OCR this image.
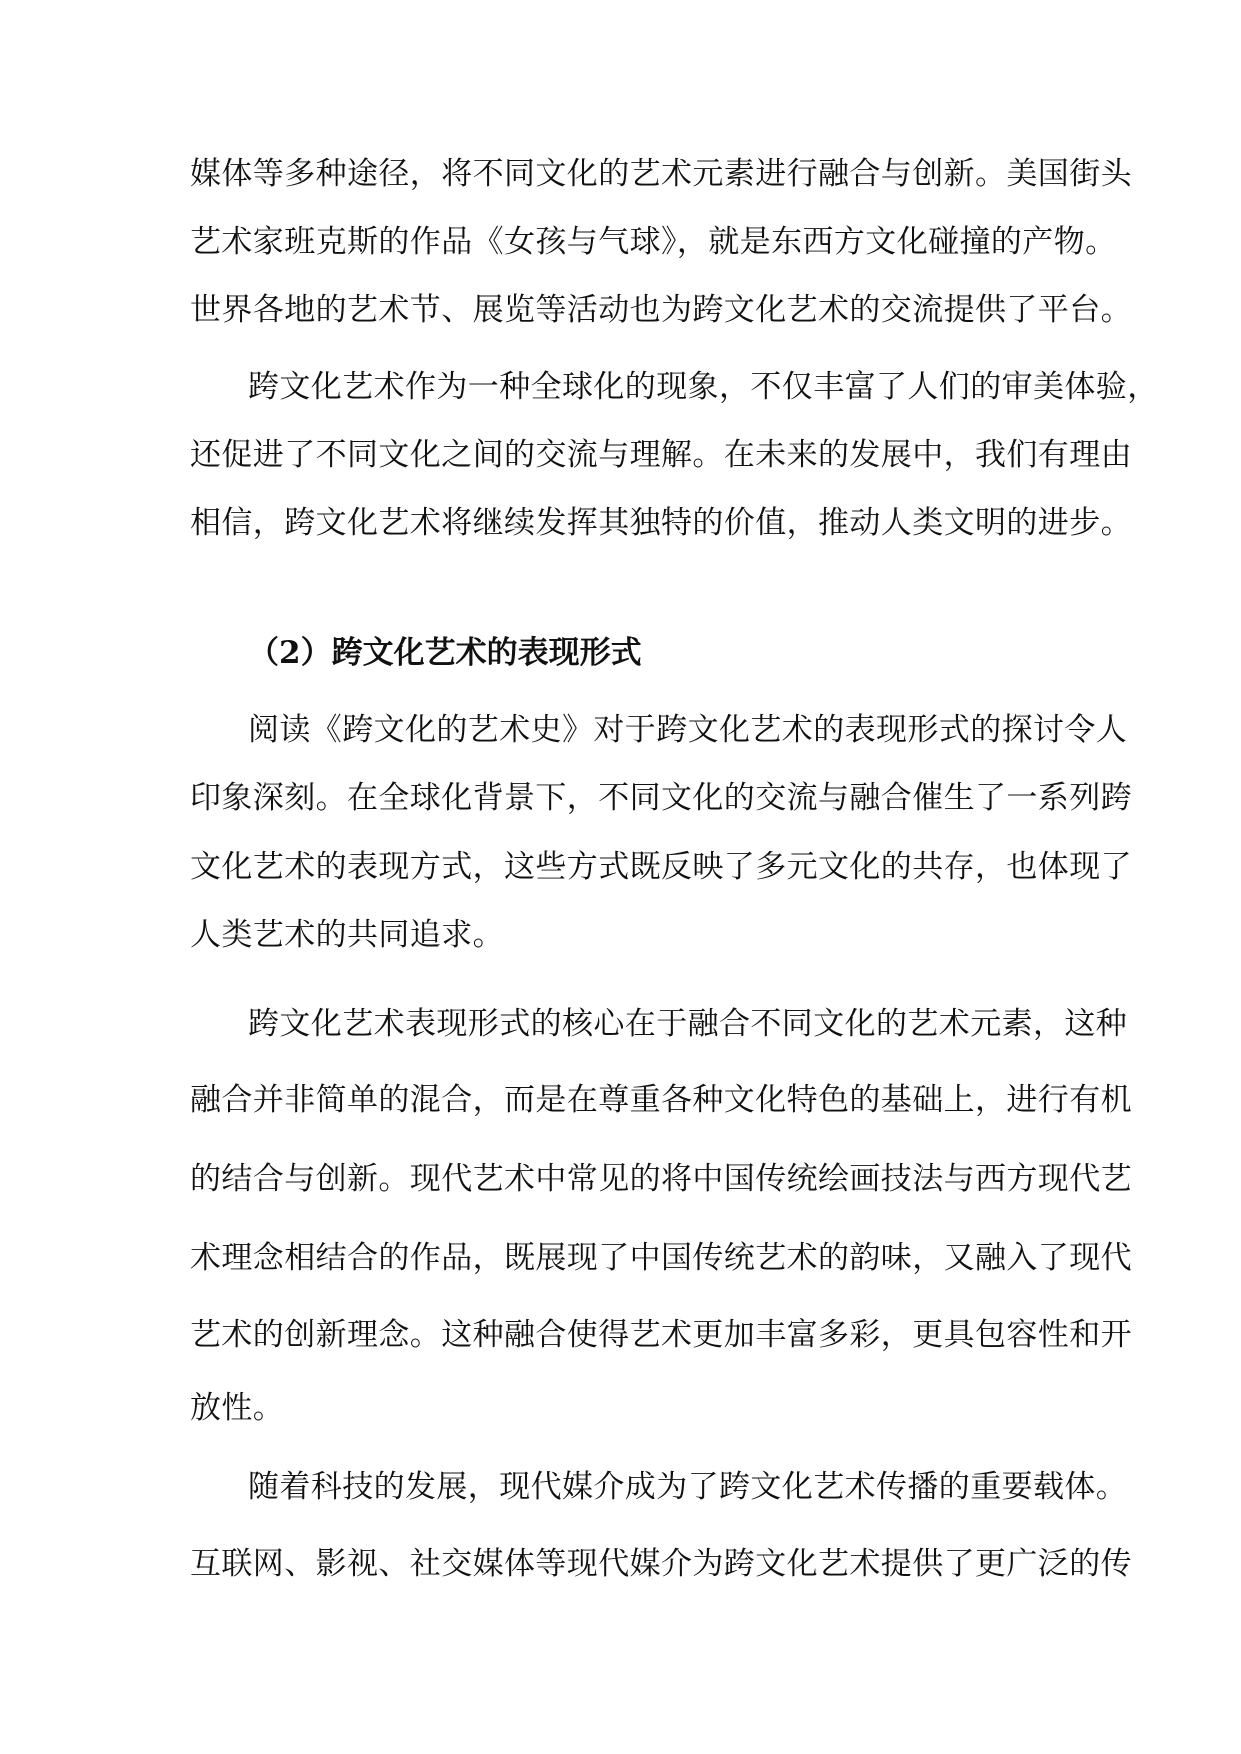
媒体等多种途径，将不同文化的艺术元素进行融合与创新。美国街头
艺术家班克斯的作品《女孩与气球》，就是东西方文化碰撞的产物。
世界各地的艺术节、展览等活动也为跨文化艺术的交流提供了平台。
跨文化艺术作为一种全球化的现象，不仅丰富了人们的审美体验，
还促进了不同文化之间的交流与理解。在未来的发展中，我们有理由
相信，跨文化艺术将继续发挥其独特的价值，推动人类文明的进步。
（2）跨文化艺术的表现形式
阅读《跨文化的艺术史》对于跨文化艺术的表现形式的探讨令人
印象深刻。在全球化背景下，不同文化的交流与融合催生了一系列跨
文化艺术的表现方式，这些方式既反映了多元文化的共存，也体现了
人类艺术的共同追求。
跨文化艺术表现形式的核心在于融合不同文化的艺术元素，这种
融合并非简单的混合，而是在尊重各种文化特色的基础上，进行有机
的结合与创新。现代艺术中常见的将中国传统绘画技法与西方现代艺
术理念相结合的作品，既展现了中国传统艺术的韵味，又融入了现代
艺术的创新理念。这种融合使得艺术更加丰富多彩，更具包容性和开
放性。
随着科技的发展，现代媒介成为了跨文化艺术传播的重要载体。
互联网、影视、社交媒体等现代媒介为跨文化艺术提供了更广泛的传
